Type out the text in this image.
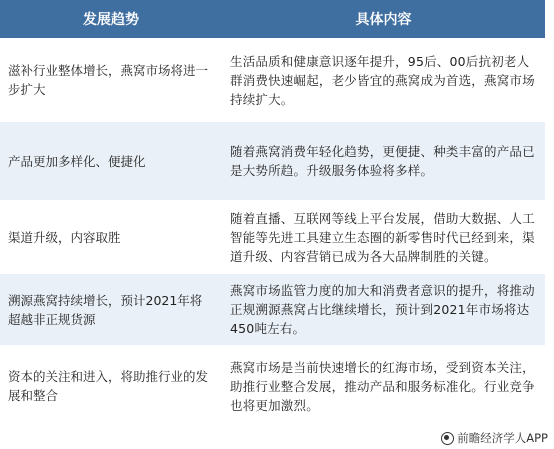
发展趋势	具体内容
滋补行业整体增长，燕窝市场将进一步扩大	生活品质和健康意识逐年提升，95后、00后抗初老人群消费快速崛起，老少皆宜的燕窝成为首选，燕窝市场持续扩大。
产品更加多样化、便捷化	随着燕窝消费年轻化趋势，更便捷、种类丰富的产品已是大势所趋。升级服务体验将多样。
渠道升级，内容取胜	随着直播、互联网等线上平台发展，借助大数据、人工智能等先进工具建立生态圈的新零售时代已经到来，渠道升级、内容营销已成为各大品牌制胜的关键。
溯源燕窝持续增长，预计2021年将超越非正规货源	燕窝市场监管力度的加大和消费者意识的提升，将推动正规溯源燕窝占比继续增长，预计到2021年市场将达450吨左右。
资本的关注和进入，将助推行业的发展和整合	燕窝市场是当前快速增长的红海市场，受到资本关注，助推行业整合发展，推动产品和服务标准化。行业竞争也将更加激烈。
前瞻经济学人APP
